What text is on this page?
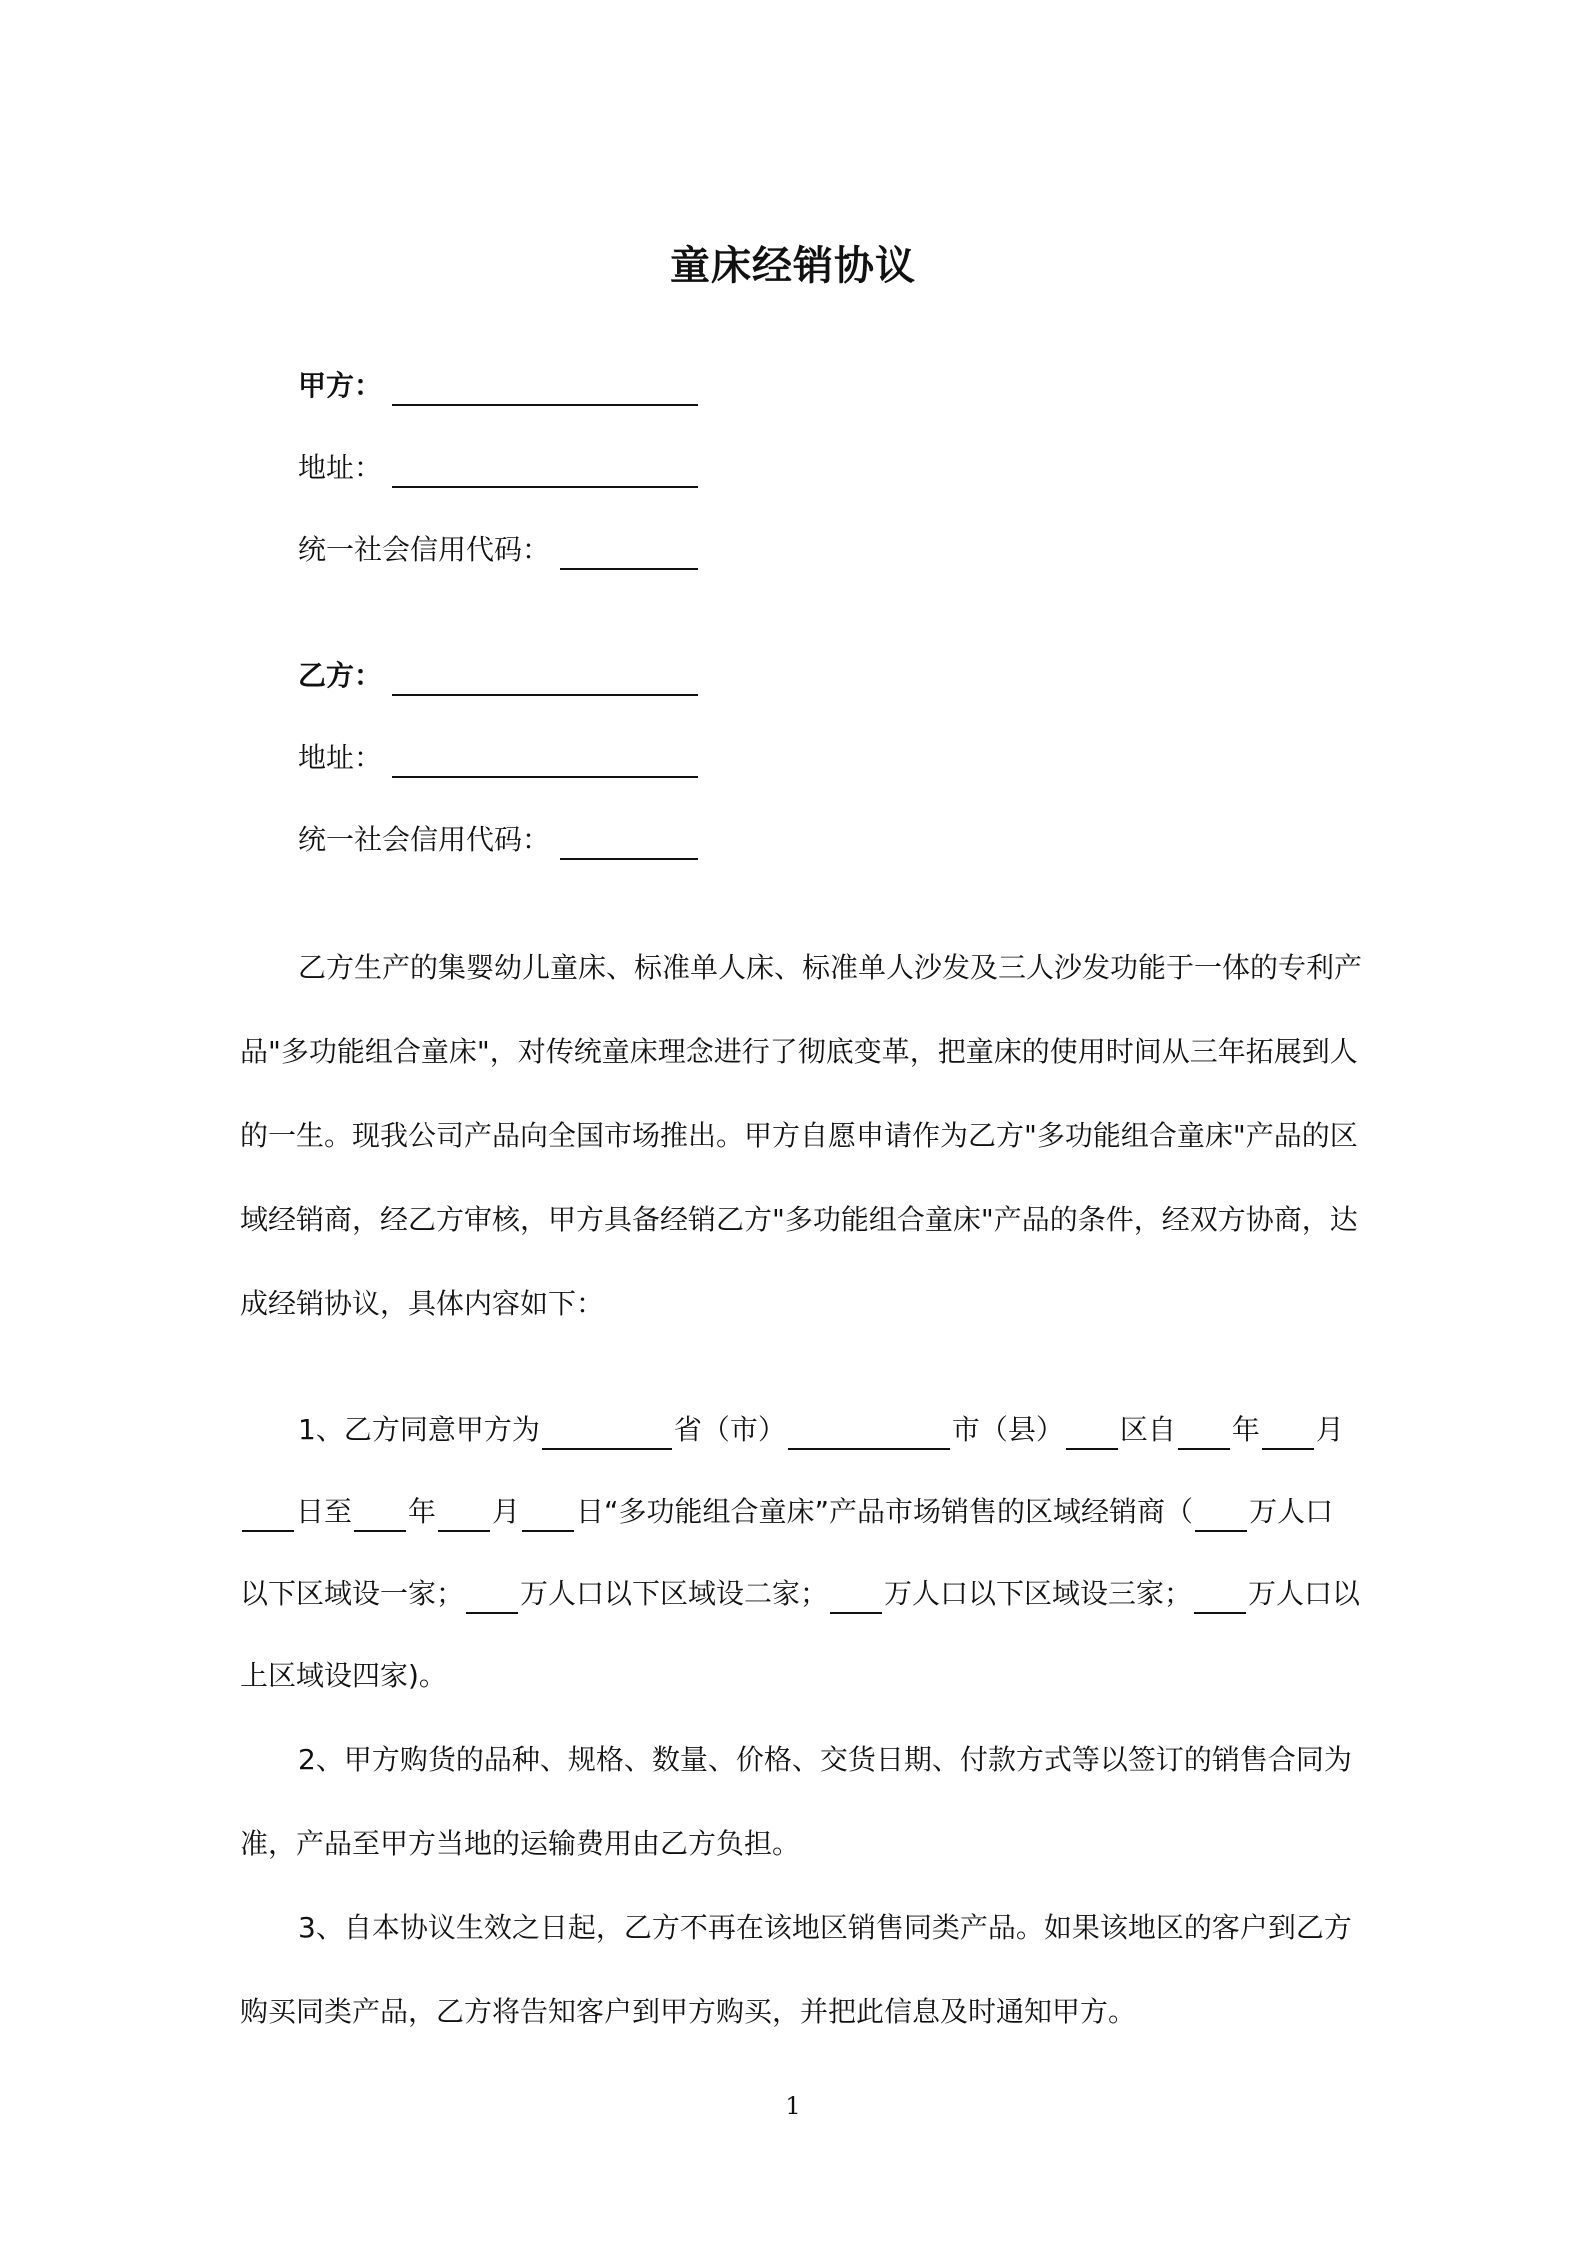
童床经销协议
甲方：
地址：
统一社会信用代码：
乙方：
地址：
统一社会信用代码：
乙方生产的集婴幼儿童床、标准单人床、标准单人沙发及三人沙发功能于一体的专利产
品"多功能组合童床"，对传统童床理念进行了彻底变革，把童床的使用时间从三年拓展到人
的一生。现我公司产品向全国市场推出。甲方自愿申请作为乙方"多功能组合童床"产品的区
域经销商，经乙方审核，甲方具备经销乙方"多功能组合童床"产品的条件，经双方协商，达
成经销协议，具体内容如下：
1、乙方同意甲方为	省（市）	市（县） 区自 年 月
日至 年 月 日“多功能组合童床”产品市场销售的区域经销商（ 万人口
以下区域设一家； 万人口以下区域设二家； 万人口以下区域设三家； 万人口以
上区域设四家)。
2、甲方购货的品种、规格、数量、价格、交货日期、付款方式等以签订的销售合同为
准，产品至甲方当地的运输费用由乙方负担。
3、自本协议生效之日起，乙方不再在该地区销售同类产品。如果该地区的客户到乙方
购买同类产品，乙方将告知客户到甲方购买，并把此信息及时通知甲方。
1
